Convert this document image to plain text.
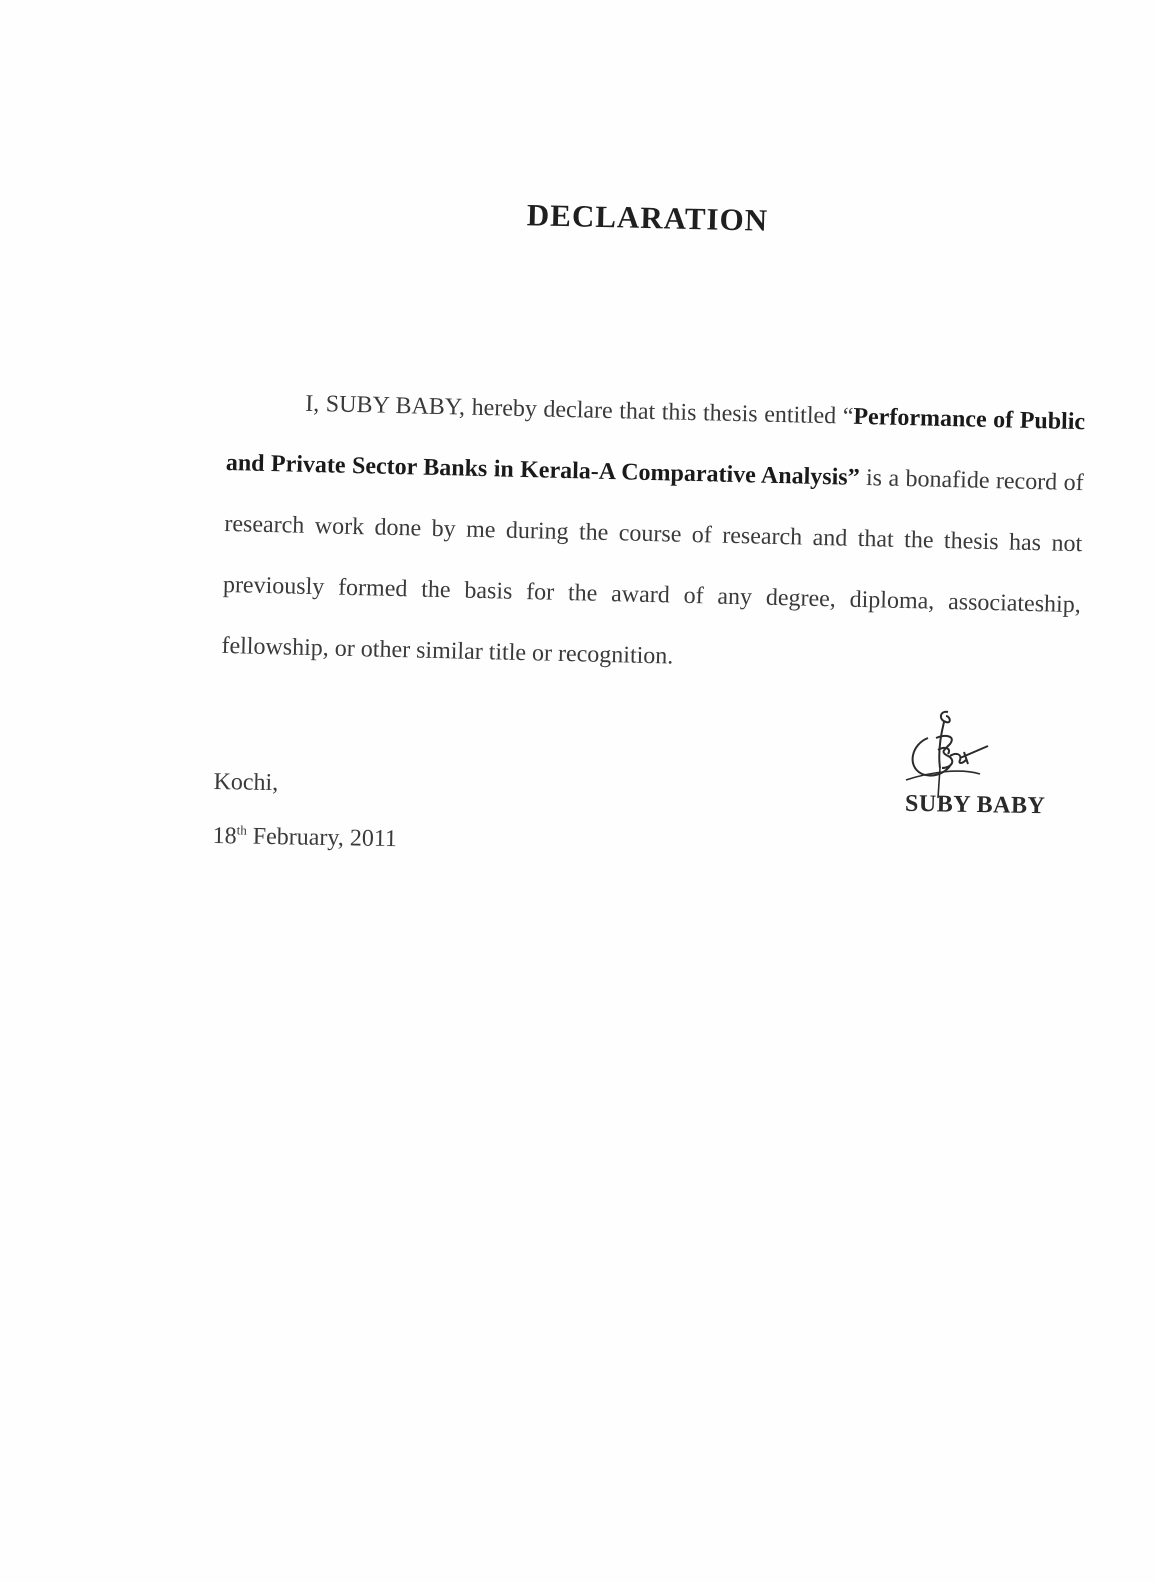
DECLARATION

I, SUBY BABY, hereby declare that this thesis entitled “Performance of Public and Private Sector Banks in Kerala-A Comparative Analysis” is a bonafide record of research work done by me during the course of research and that the thesis has not previously formed the basis for the award of any degree, diploma, associateship, fellowship, or other similar title or recognition.

Kochi,
18th February, 2011
SUBY BABY
